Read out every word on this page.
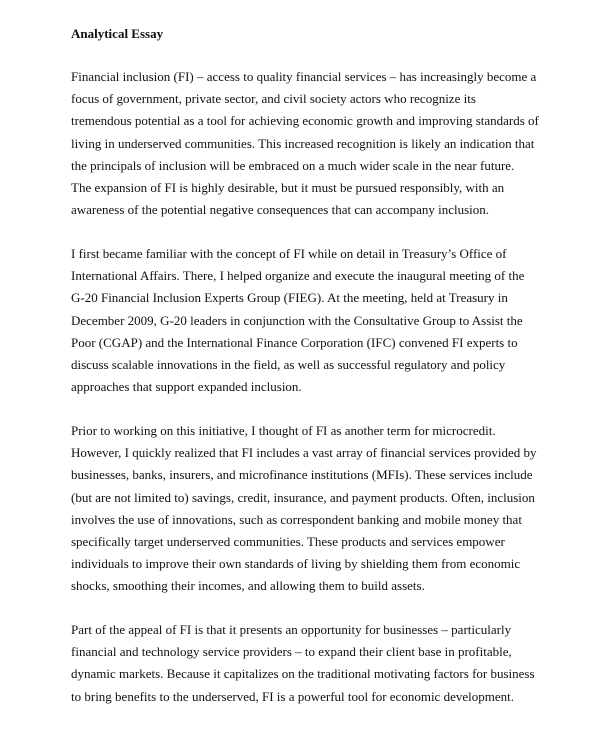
Analytical Essay
Financial inclusion (FI) – access to quality financial services – has increasingly become a
focus of government, private sector, and civil society actors who recognize its
tremendous potential as a tool for achieving economic growth and improving standards of
living in underserved communities. This increased recognition is likely an indication that
the principals of inclusion will be embraced on a much wider scale in the near future.
The expansion of FI is highly desirable, but it must be pursued responsibly, with an
awareness of the potential negative consequences that can accompany inclusion.
I first became familiar with the concept of FI while on detail in Treasury’s Office of
International Affairs. There, I helped organize and execute the inaugural meeting of the
G-20 Financial Inclusion Experts Group (FIEG). At the meeting, held at Treasury in
December 2009, G-20 leaders in conjunction with the Consultative Group to Assist the
Poor (CGAP) and the International Finance Corporation (IFC) convened FI experts to
discuss scalable innovations in the field, as well as successful regulatory and policy
approaches that support expanded inclusion.
Prior to working on this initiative, I thought of FI as another term for microcredit.
However, I quickly realized that FI includes a vast array of financial services provided by
businesses, banks, insurers, and microfinance institutions (MFIs). These services include
(but are not limited to) savings, credit, insurance, and payment products. Often, inclusion
involves the use of innovations, such as correspondent banking and mobile money that
specifically target underserved communities. These products and services empower
individuals to improve their own standards of living by shielding them from economic
shocks, smoothing their incomes, and allowing them to build assets.
Part of the appeal of FI is that it presents an opportunity for businesses – particularly
financial and technology service providers – to expand their client base in profitable,
dynamic markets. Because it capitalizes on the traditional motivating factors for business
to bring benefits to the underserved, FI is a powerful tool for economic development.
